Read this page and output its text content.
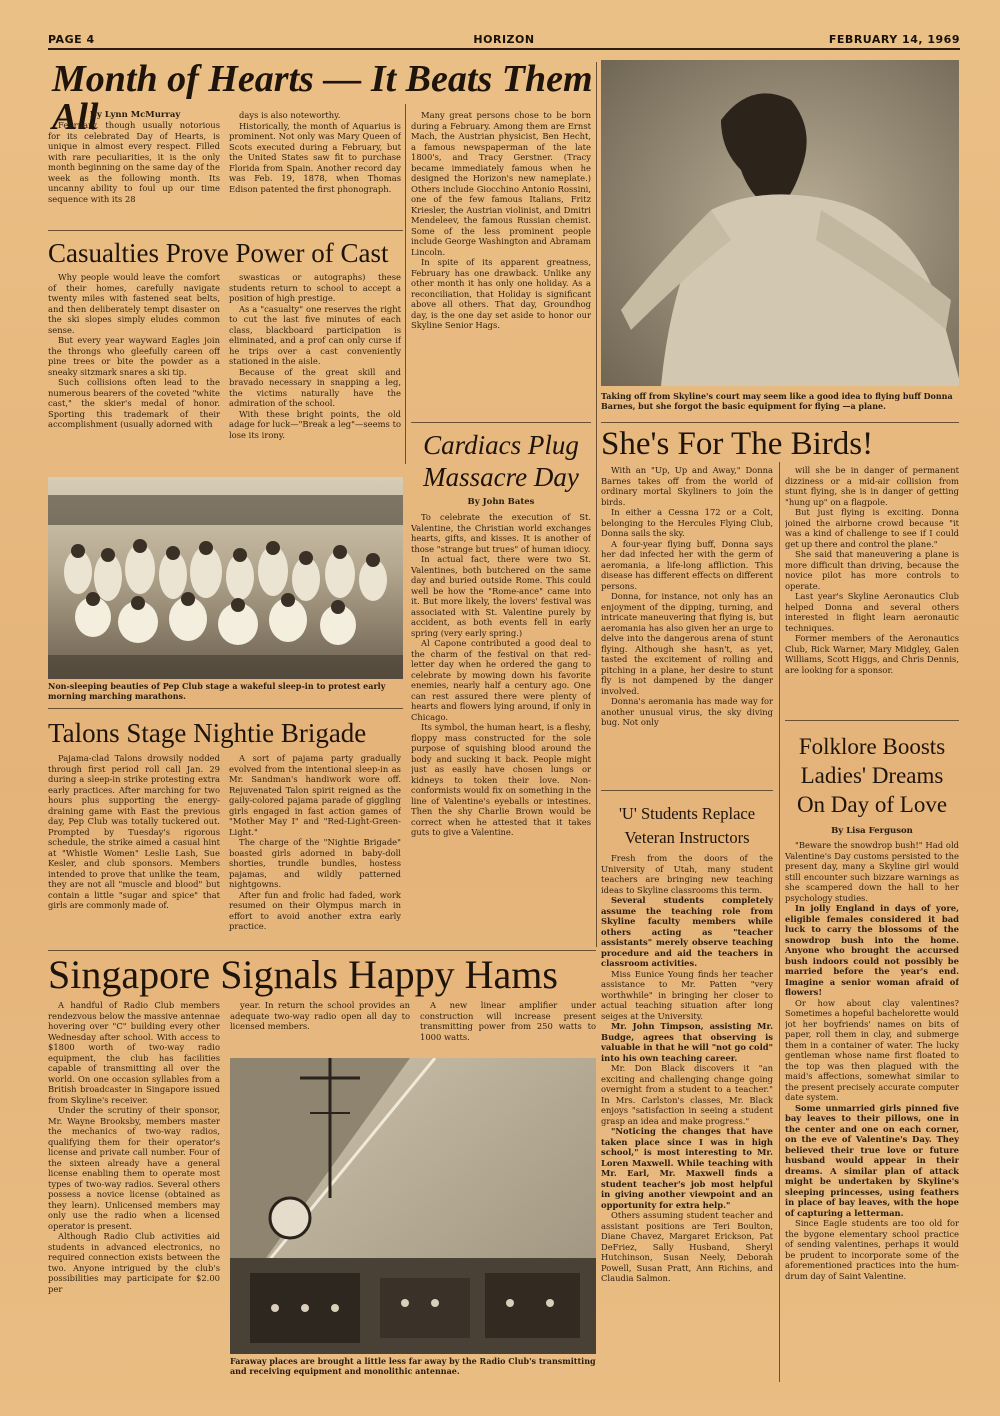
PAGE 4	HORIZON	FEBRUARY 14, 1969
Month of Hearts — It Beats Them All
By Lynn McMurray

February, though usually notorious for its celebrated Day of Hearts, is unique in almost every respect. Filled with rare peculiarities, it is the only month beginning on the same day of the week as the following month. Its uncanny ability to foul up our time sequence with its 28

days is also noteworthy.

Historically, the month of Aquarius is prominent. Not only was Mary Queen of Scots executed during a February, but the United States saw fit to purchase Florida from Spain. Another record day was Feb. 19, 1878, when Thomas Edison patented the first phonograph.

Many great persons chose to be born during a February. Among them are Ernst Mach, the Austrian physicist, Ben Hecht, a famous newspaperman of the late 1800's, and Tracy Gerstner. (Tracy became immediately famous when he designed the Horizon's new nameplate.) Others include Giocchino Antonio Rossini, one of the few famous Italians, Fritz Kriesler, the Austrian violinist, and Dmitri Mendeleev, the famous Russian chemist. Some of the less prominent people include George Washington and Abramam Lincoln.

In spite of its apparent greatness, February has one drawback. Unlike any other month it has only one holiday. As a reconciliation, that Holiday is significant above all others. That day, Groundhog day, is the one day set aside to honor our Skyline Senior Hags.

Casualties Prove Power of Cast

Why people would leave the comfort of their homes, carefully navigate twenty miles with fastened seat belts, and then deliberately tempt disaster on the ski slopes simply eludes common sense.

But every year wayward Eagles join the throngs who gleefully careen off pine trees or bite the powder as a sneaky sitzmark snares a ski tip.

Such collisions often lead to the numerous bearers of the coveted "white cast," the skier's medal of honor. Sporting this trademark of their accomplishment (usually adorned with

swasticas or autographs) these students return to school to accept a position of high prestige.

As a "casualty" one reserves the right to cut the last five minutes of each class, blackboard participation is eliminated, and a prof can only curse if he trips over a cast conveniently stationed in the aisle.

Because of the great skill and bravado necessary in snapping a leg, the victims naturally have the admiration of the school.

With these bright points, the old adage for luck—"Break a leg"—seems to lose its irony.

Non-sleeping beauties of Pep Club stage a wakeful sleep-in to protest early morning marching marathons.
Talons Stage Nightie Brigade

Pajama-clad Talons drowsily nodded through first period roll call Jan. 29 during a sleep-in strike protesting extra early practices. After marching for two hours plus supporting the energy-draining game with East the previous day, Pep Club was totally tuckered out. Prompted by Tuesday's rigorous schedule, the strike aimed a casual hint at "Whistle Women" Leslie Lash, Sue Kesler, and club sponsors. Members intended to prove that unlike the team, they are not all "muscle and blood" but contain a little "sugar and spice" that girls are commonly made of.

A sort of pajama party gradually evolved from the intentional sleep-in as Mr. Sandman's handiwork wore off. Rejuvenated Talon spirit reigned as the gaily-colored pajama parade of giggling girls engaged in fast action games of "Mother May I" and "Red-Light-Green-Light."

The charge of the "Nightie Brigade" boasted girls adorned in baby-doll shorties, trundle bundles, hostess pajamas, and wildly patterned nightgowns.

After fun and frolic had faded, work resumed on their Olympus march in effort to avoid another extra early practice.

Cardiacs Plug
Massacre Day
By John Bates

To celebrate the execution of St. Valentine, the Christian world exchanges hearts, gifts, and kisses. It is another of those "strange but trues" of human idiocy.

In actual fact, there were two St. Valentines, both butchered on the same day and buried outside Rome. This could well be how the "Rome-ance" came into it. But more likely, the lovers' festival was associated with St. Valentine purely by accident, as both events fell in early spring (very early spring.)

Al Capone contributed a good deal to the charm of the festival on that red-letter day when he ordered the gang to celebrate by mowing down his favorite enemies, nearly half a century ago. One can rest assured there were plenty of hearts and flowers lying around, if only in Chicago.

Its symbol, the human heart, is a fleshy, floppy mass constructed for the sole purpose of squishing blood around the body and sucking it back. People might just as easily have chosen lungs or kidneys to token their love. Non-conformists would fix on something in the line of Valentine's eyeballs or intestines. Then the shy Charlie Brown would be correct when he attested that it takes guts to give a Valentine.

Taking off from Skyline's court may seem like a good idea to flying buff Donna Barnes, but she forgot the basic equipment for flying —a plane.
She's For The Birds!

With an "Up, Up and Away," Donna Barnes takes off from the world of ordinary mortal Skyliners to join the birds.

In either a Cessna 172 or a Colt, belonging to the Hercules Flying Club, Donna sails the sky.

A four-year flying buff, Donna says her dad infected her with the germ of aeromania, a life-long affliction. This disease has different effects on different persons.

Donna, for instance, not only has an enjoyment of the dipping, turning, and intricate maneuvering that flying is, but aeromania has also given her an urge to delve into the dangerous arena of stunt flying. Although she hasn't, as yet, tasted the excitement of rolling and pitching in a plane, her desire to stunt fly is not dampened by the danger involved.

Donna's aeromania has made way for another unusual virus, the sky diving bug. Not only

will she be in danger of permanent dizziness or a mid-air collision from stunt flying, she is in danger of getting "hung up" on a flagpole.

But just flying is exciting. Donna joined the airborne crowd because "it was a kind of challenge to see if I could get up there and control the plane."

She said that maneuvering a plane is more difficult than driving, because the novice pilot has more controls to operate.

Last year's Skyline Aeronautics Club helped Donna and several others interested in flight learn aeronautic techniques.

Former members of the Aeronautics Club, Rick Warner, Mary Midgley, Galen Williams, Scott Higgs, and Chris Dennis, are looking for a sponsor.

Folklore Boosts
Ladies' Dreams
On Day of Love
By Lisa Ferguson

"Beware the snowdrop bush!" Had old Valentine's Day customs persisted to the present day, many a Skyline girl would still encounter such bizzare warnings as she scampered down the hall to her psychology studies.

In jolly England in days of yore, eligible females considered it bad luck to carry the blossoms of the snowdrop bush into the home. Anyone who brought the accursed bush indoors could not possibly be married before the year's end. Imagine a senior woman afraid of flowers!

Or how about clay valentines? Sometimes a hopeful bachelorette would jot her boyfriends' names on bits of paper, roll them in clay, and submerge them in a container of water. The lucky gentleman whose name first floated to the top was then plagued with the maid's affections, somewhat similar to the present precisely accurate computer date system.

Some unmarried girls pinned five bay leaves to their pillows, one in the center and one on each corner, on the eve of Valentine's Day. They believed their true love or future husband would appear in their dreams. A similar plan of attack might be undertaken by Skyline's sleeping princesses, using feathers in place of bay leaves, with the hope of capturing a letterman.

Since Eagle students are too old for the bygone elementary school practice of sending valentines, perhaps it would be prudent to incorporate some of the aforementioned practices into the hum-drum day of Saint Valentine.

'U' Students Replace
Veteran Instructors

Fresh from the doors of the University of Utah, many student teachers are bringing new teaching ideas to Skyline classrooms this term.

Several students completely assume the teaching role from Skyline faculty members while others acting as "teacher assistants" merely observe teaching procedure and aid the teachers in classroom activities.

Miss Eunice Young finds her teacher assistance to Mr. Patten "very worthwhile" in bringing her closer to actual teaching situation after long seiges at the University.

Mr. John Timpson, assisting Mr. Budge, agrees that observing is valuable in that he will "not go cold" into his own teaching career.

Mr. Don Black discovers it "an exciting and challenging change going overnight from a student to a teacher." In Mrs. Carlston's classes, Mr. Black enjoys "satisfaction in seeing a student grasp an idea and make progress."

"Noticing the changes that have taken place since I was in high school," is most interesting to Mr. Loren Maxwell. While teaching with Mr. Earl, Mr. Maxwell finds a student teacher's job most helpful in giving another viewpoint and an opportunity for extra help."

Others assuming student teacher and assistant positions are Teri Boulton, Diane Chavez, Margaret Erickson, Pat DeFriez, Sally Husband, Sheryl Hutchinson, Susan Neely, Deborah Powell, Susan Pratt, Ann Richins, and Claudia Salmon.

Singapore Signals Happy Hams

A handful of Radio Club members rendezvous below the massive antennae hovering over "C" building every other Wednesday after school. With access to $1800 worth of two-way radio equipment, the club has facilities capable of transmitting all over the world. On one occasion syllables from a British broadcaster in Singapore issued from Skyline's receiver.

Under the scrutiny of their sponsor, Mr. Wayne Brooksby, members master the mechanics of two-way radios, qualifying them for their operator's license and private call number. Four of the sixteen already have a general license enabling them to operate most types of two-way radios. Several others possess a novice license (obtained as they learn). Unlicensed members may only use the radio when a licensed operator is present.

Although Radio Club activities aid students in advanced electronics, no required connection exists between the two. Anyone intrigued by the club's possibilities may participate for $2.00 per

year. In return the school provides an adequate two-way radio open all day to licensed members.

A new linear amplifier under construction will increase present transmitting power from 250 watts to 1000 watts.

Faraway places are brought a little less far away by the Radio Club's transmitting and receiving equipment and monolithic antennae.
